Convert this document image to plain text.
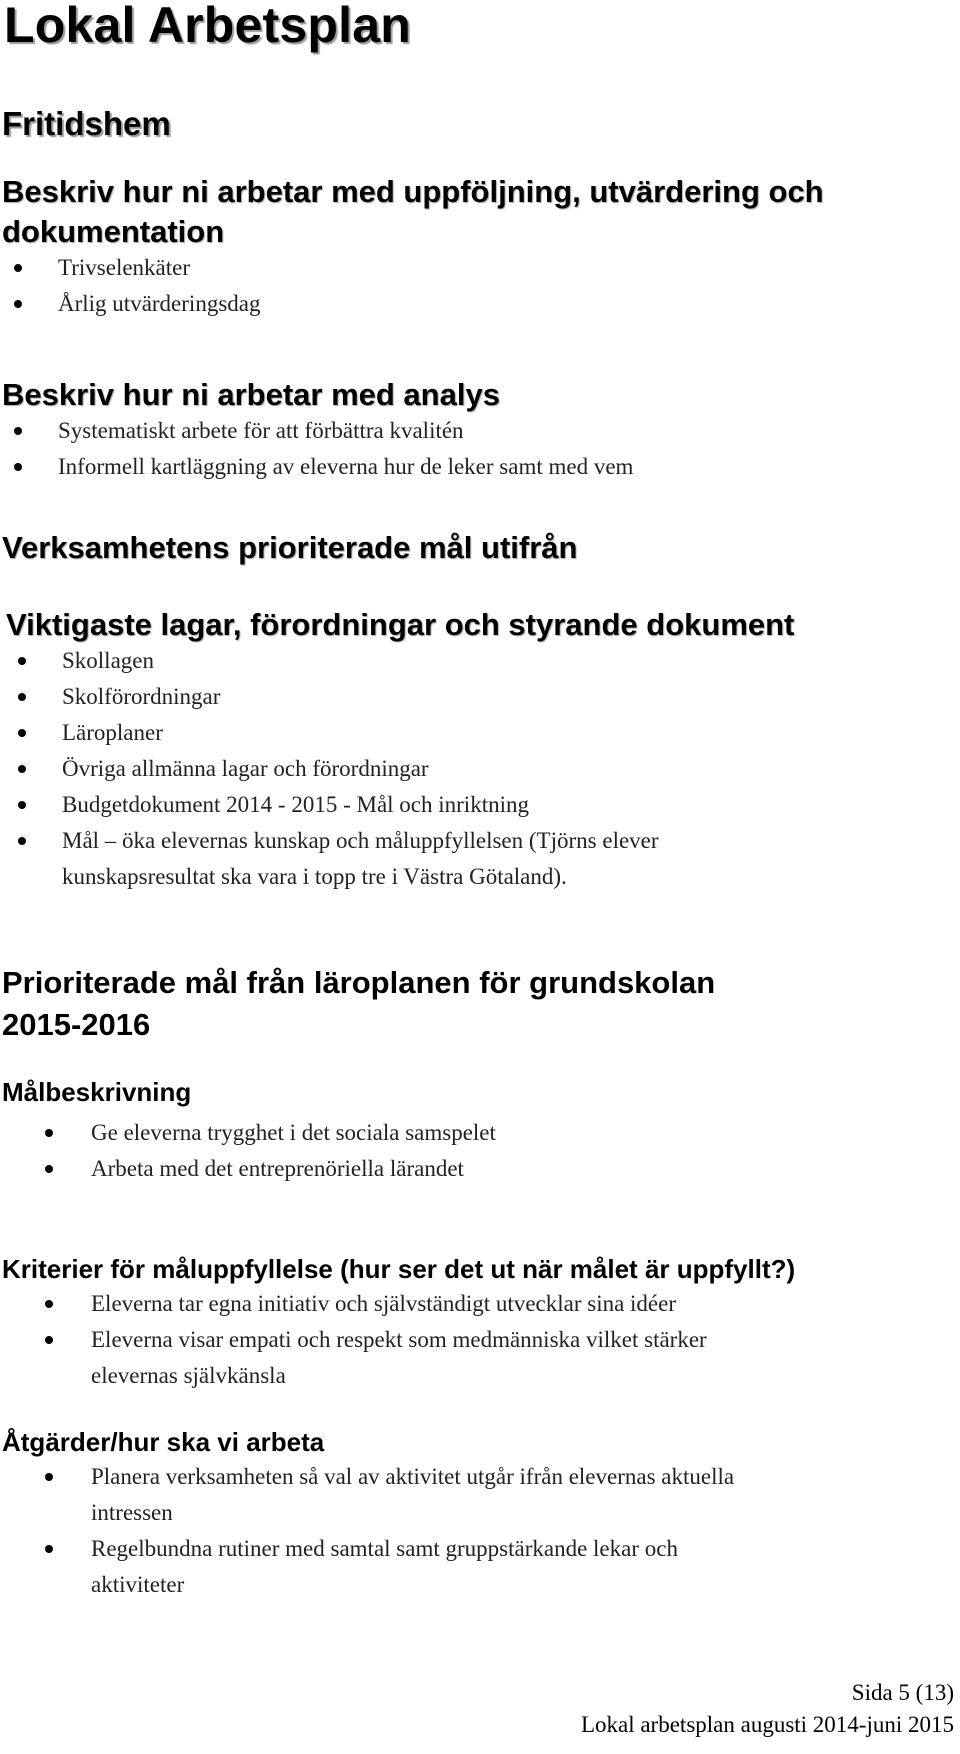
Lokal Arbetsplan
Fritidshem
Beskriv hur ni arbetar med uppföljning, utvärdering och
dokumentation
Trivselenkäter
Årlig utvärderingsdag
Beskriv hur ni arbetar med analys
Systematiskt arbete för att förbättra kvalitén
Informell kartläggning av eleverna hur de leker samt med vem
Verksamhetens prioriterade mål utifrån
Viktigaste lagar, förordningar och styrande dokument
Skollagen
Skolförordningar
Läroplaner
Övriga allmänna lagar och förordningar
Budgetdokument 2014 - 2015 - Mål och inriktning
Mål – öka elevernas kunskap och måluppfyllelsen (Tjörns elever
kunskapsresultat ska vara i topp tre i Västra Götaland).
Prioriterade mål från läroplanen för grundskolan
2015-2016
Målbeskrivning
Ge eleverna trygghet i det sociala samspelet
Arbeta med det entreprenöriella lärandet
Kriterier för måluppfyllelse (hur ser det ut när målet är uppfyllt?)
Eleverna tar egna initiativ och självständigt utvecklar sina idéer
Eleverna visar empati och respekt som medmänniska vilket stärker
elevernas självkänsla
Åtgärder/hur ska vi arbeta
Planera verksamheten så val av aktivitet utgår ifrån elevernas aktuella
intressen
Regelbundna rutiner med samtal samt gruppstärkande lekar och
aktiviteter
Sida 5 (13)
Lokal arbetsplan augusti 2014-juni 2015
